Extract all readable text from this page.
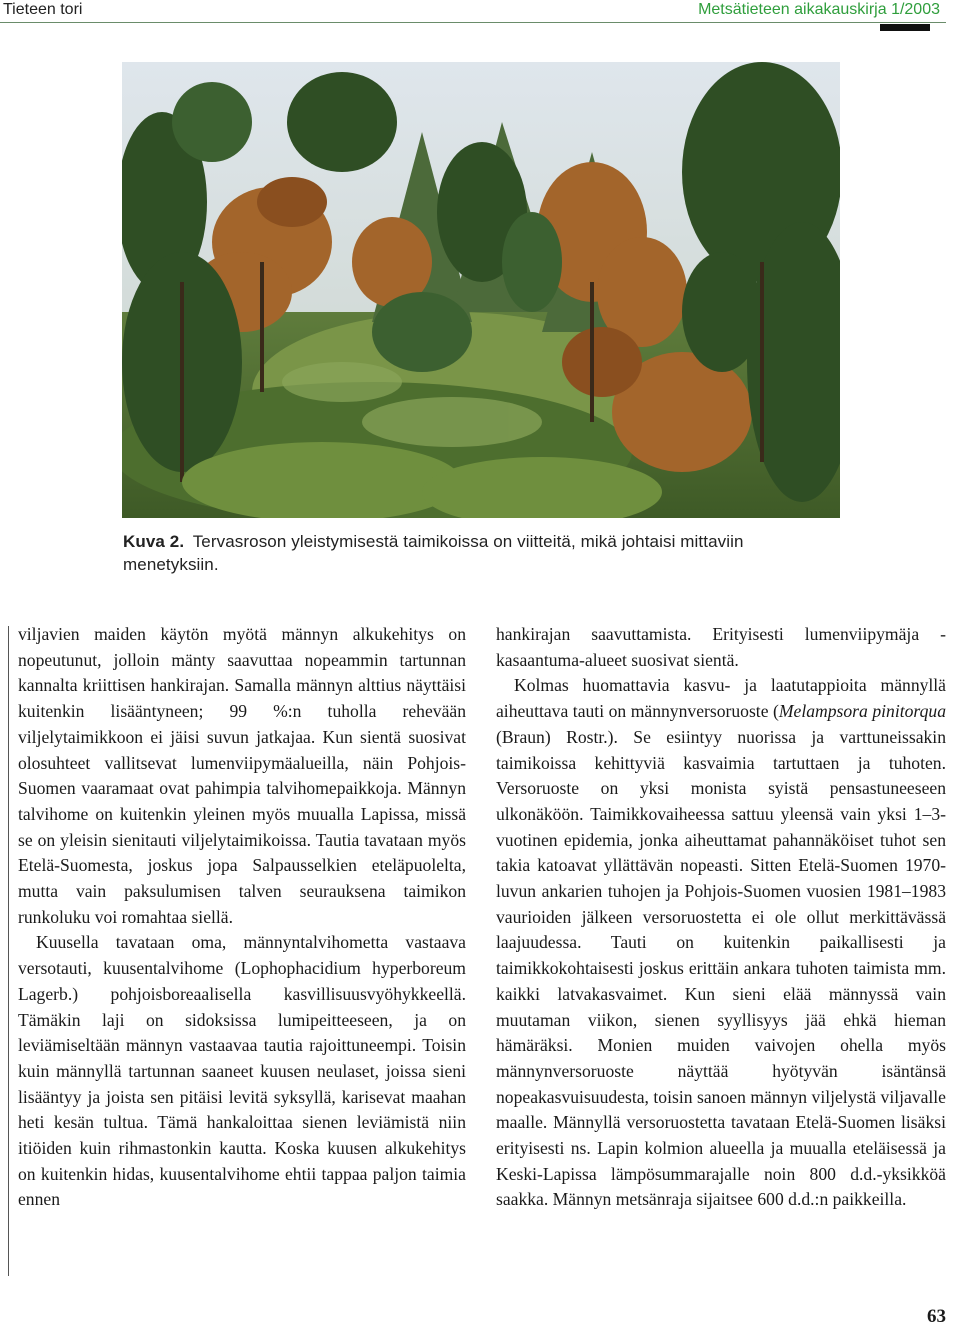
Tieteen tori	Metsätieteen aikakauskirja 1/2003
Kuva 2. Tervasroson yleistymisestä taimikoissa on viitteitä, mikä johtaisi mittaviin menetyksiin.

viljavien maiden käytön myötä männyn alkukehitys on nopeutunut, jolloin mänty saavuttaa nopeammin tartunnan kannalta kriittisen hankirajan. Samalla männyn alttius näyttäisi kuitenkin lisääntyneen; 99 %:n tuholla rehevään viljelytaimikkoon ei jäisi suvun jatkajaa. Kun sientä suosivat olosuhteet vallitsevat lumenviipymäalueilla, näin Pohjois-Suomen vaaramaat ovat pahimpia talvihomepaikkoja. Männyn talvihome on kuitenkin yleinen myös muualla Lapissa, missä se on yleisin sienitauti viljelytaimikoissa. Tautia tavataan myös Etelä-Suomesta, joskus jopa Salpausselkien eteläpuolelta, mutta vain paksulumisen talven seurauksena taimikon runkoluku voi romahtaa siellä.

Kuusella tavataan oma, männyntalvihometta vastaava versotauti, kuusentalvihome (Lophophacidium hyperboreum Lagerb.) pohjoisboreaalisella kasvillisuusvyöhykkeellä. Tämäkin laji on sidoksissa lumipeitteeseen, ja on leviämiseltään männyn vastaavaa tautia rajoittuneempi. Toisin kuin männyllä tartunnan saaneet kuusen neulaset, joissa sieni lisääntyy ja joista sen pitäisi levitä syksyllä, karisevat maahan heti kesän tultua. Tämä hankaloittaa sienen leviämistä niin itiöiden kuin rihmastonkin kautta. Koska kuusen alkukehitys on kuitenkin hidas, kuusentalvihome ehtii tappaa paljon taimia ennen

hankirajan saavuttamista. Erityisesti lumenviipymäja -kasaantuma-alueet suosivat sientä.

Kolmas huomattavia kasvu- ja laatutappioita männyllä aiheuttava tauti on männynversoruoste (Melampsora pinitorqua (Braun) Rostr.). Se esiintyy nuorissa ja varttuneissakin taimikoissa kehittyviä kasvaimia tartuttaen ja tuhoten. Versoruoste on yksi monista syistä pensastuneeseen ulkonäköön. Taimikkovaiheessa sattuu yleensä vain yksi 1–3-vuotinen epidemia, jonka aiheuttamat pahannäköiset tuhot sen takia katoavat yllättävän nopeasti. Sitten Etelä-Suomen 1970-luvun ankarien tuhojen ja Pohjois-Suomen vuosien 1981–1983 vaurioiden jälkeen versoruostetta ei ole ollut merkittävässä laajuudessa. Tauti on kuitenkin paikallisesti ja taimikkokohtaisesti joskus erittäin ankara tuhoten taimista mm. kaikki latvakasvaimet. Kun sieni elää männyssä vain muutaman viikon, sienen syyllisyys jää ehkä hieman hämäräksi. Monien muiden vaivojen ohella myös männynversoruoste näyttää hyötyvän isäntänsä nopeakasvuisuudesta, toisin sanoen männyn viljelystä viljavalle maalle. Männyllä versoruostetta tavataan Etelä-Suomen lisäksi erityisesti ns. Lapin kolmion alueella ja muualla eteläisessä ja Keski-Lapissa lämpösummarajalle noin 800 d.d.-yksikköä saakka. Männyn metsänraja sijaitsee 600 d.d.:n paikkeilla.

63
